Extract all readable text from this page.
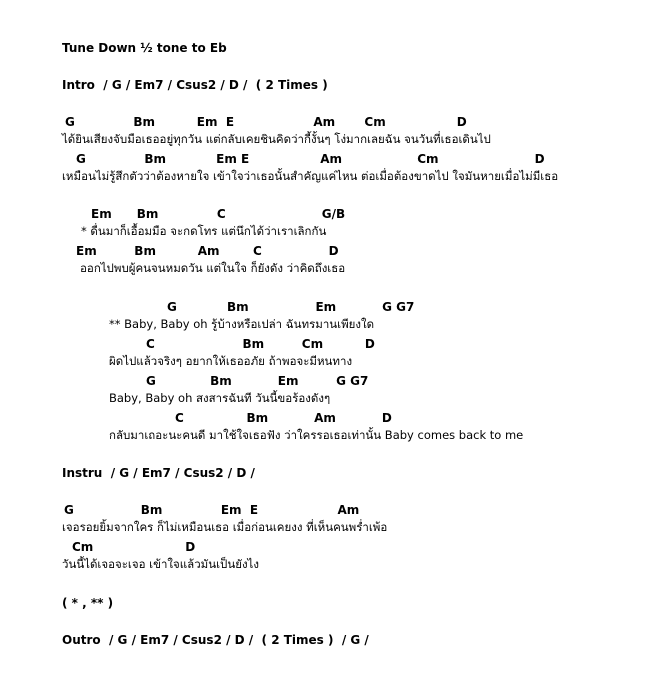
Tune Down ½ tone to Eb
Intro  / G / Em7 / Csus2 / D /  ( 2 Times )
G              Bm          Em  E                   Am       Cm                 D
ได้ยินเสียงจับมือเธออยู่ทุกวัน แต่กลับเคยชินคิดว่ากี้งั้นๆ โง่มากเลยฉัน จนวันที่เธอเดินไป
G              Bm            Em E                 Am                  Cm                       D
เหมือนไม่รู้สึกตัวว่าต้องหายใจ เข้าใจว่าเธอนั้นสำคัญแค่ไหน ต่อเมื่อต้องขาดไป ใจมันหายเมื่อไม่มีเธอ
Em      Bm              C                       G/B
* ดื่นมาก็เอื้อมมือ จะกดโทร แต่นึกได้ว่าเราเลิกกัน
Em         Bm          Am        C                D
ออกไปพบผู้คนจนหมดวัน แต่ในใจ ก็ยังดัง ว่าคิดถึงเธอ
G            Bm                Em           G G7
** Baby, Baby oh รู้บ้างหรือเปล่า ฉันทรมานเพียงใด
C                     Bm         Cm          D
ผิดไปแล้วจริงๆ อยากให้เธออภัย ถ้าพอจะมีหนทาง
G             Bm           Em         G G7
Baby, Baby oh สงสารฉันที วันนี้ขอร้องดังๆ
C               Bm           Am           D
กลับมาเถอะนะคนดี มาใช้ใจเธอฟัง ว่าใครรอเธอเท่านั้น Baby comes back to me
Instru  / G / Em7 / Csus2 / D /
G                Bm              Em  E                   Am
เจอรอยยิ้มจากใคร ก็ไม่เหมือนเธอ เมื่อก่อนเคยงง ที่เห็นคนพร่ำเพ้อ
Cm                      D
วันนี้ได้เจอจะเจอ เข้าใจแล้วมันเป็นยังไง
( * , ** )
Outro  / G / Em7 / Csus2 / D /  ( 2 Times )  / G /
